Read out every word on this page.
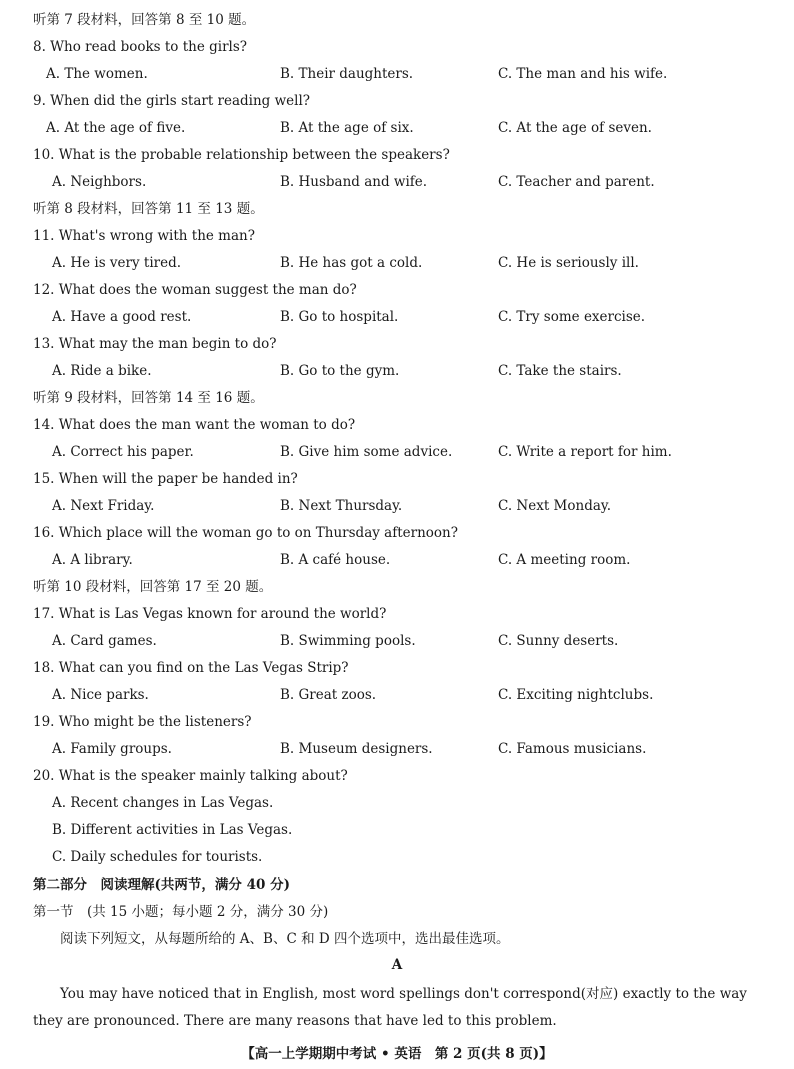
听第 7 段材料，回答第 8 至 10 题。
8. Who read books to the girls?
A. The women.	B. Their daughters.	C. The man and his wife.
9. When did the girls start reading well?
A. At the age of five.	B. At the age of six.	C. At the age of seven.
10. What is the probable relationship between the speakers?
A. Neighbors.	B. Husband and wife.	C. Teacher and parent.
听第 8 段材料，回答第 11 至 13 题。
11. What's wrong with the man?
A. He is very tired.	B. He has got a cold.	C. He is seriously ill.
12. What does the woman suggest the man do?
A. Have a good rest.	B. Go to hospital.	C. Try some exercise.
13. What may the man begin to do?
A. Ride a bike.	B. Go to the gym.	C. Take the stairs.
听第 9 段材料，回答第 14 至 16 题。
14. What does the man want the woman to do?
A. Correct his paper.	B. Give him some advice.	C. Write a report for him.
15. When will the paper be handed in?
A. Next Friday.	B. Next Thursday.	C. Next Monday.
16. Which place will the woman go to on Thursday afternoon?
A. A library.	B. A café house.	C. A meeting room.
听第 10 段材料，回答第 17 至 20 题。
17. What is Las Vegas known for around the world?
A. Card games.	B. Swimming pools.	C. Sunny deserts.
18. What can you find on the Las Vegas Strip?
A. Nice parks.	B. Great zoos.	C. Exciting nightclubs.
19. Who might be the listeners?
A. Family groups.	B. Museum designers.	C. Famous musicians.
20. What is the speaker mainly talking about?
A. Recent changes in Las Vegas.
B. Different activities in Las Vegas.
C. Daily schedules for tourists.
第二部分　阅读理解(共两节，满分 40 分)
第一节　(共 15 小题；每小题 2 分，满分 30 分)
阅读下列短文，从每题所给的 A、B、C 和 D 四个选项中，选出最佳选项。
A
You may have noticed that in English, most word spellings don't correspond(对应) exactly to the way they are pronounced. There are many reasons that have led to this problem.
【高一上学期期中考试 • 英语　第 2 页(共 8 页)】
